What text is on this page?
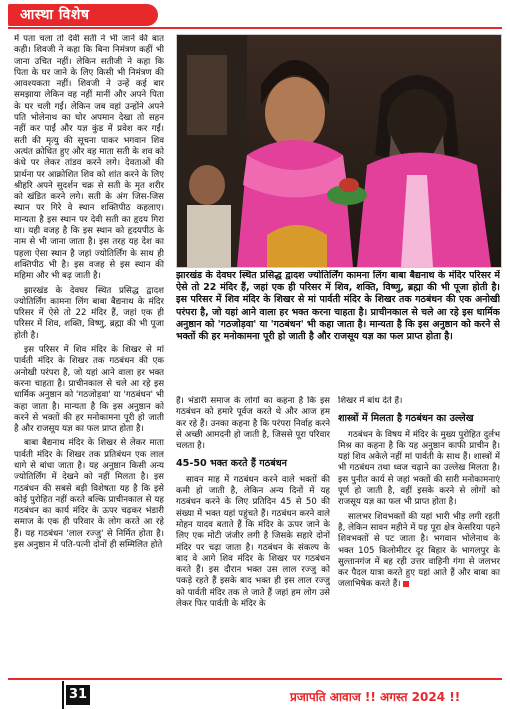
आस्था विशेष

में पता चला तो देवी सती ने भी जाने की बात कही। शिवजी ने कहा कि बिना निमंत्रण कहीं भी जाना उचित नहीं। लेकिन सतीजी ने कहा कि पिता के घर जाने के लिए किसी भी निमंत्रण की आवश्यकता नहीं। शिवजी ने उन्हें कई बार समझाया लेकिन वह नहीं मानीं और अपने पिता के घर चली गईं। लेकिन जब वहां उन्होंने अपने पति भोलेनाथ का घोर अपमान देखा तो सहन नहीं कर पाईं और यज्ञ कुंड में प्रवेश कर गईं। सती की मृत्यु की सूचना पाकर भगवान शिव अत्यंत क्रोधित हुए और वह माता सती के शव को कंधे पर लेकर तांडव करने लगे। देवताओं की प्रार्थना पर आक्रोशित शिव को शांत करने के लिए श्रीहरि अपने सुदर्शन चक्र से सती के मृत शरीर को खंडित करने लगे। सती के अंग जिस-जिस स्थान पर गिरे वे स्थान शक्तिपीठ कहलाए। मान्यता है इस स्थान पर देवी सती का हृदय गिरा था। यही वजह है कि इस स्थान को हृदयपीठ के नाम से भी जाना जाता है। इस तरह यह देश का पहला ऐसा स्थान है जहां ज्योतिर्लिंग के साथ ही शक्तिपीठ भी है। इस वजह से इस स्थान की महिमा और भी बढ़ जाती है।

झारखंड के देवघर स्थित प्रसिद्ध द्वादश ज्योतिर्लिंग कामना लिंग बाबा बैद्यनाथ के मंदिर परिसर में ऐसे तो 22 मंदिर हैं, जहां एक ही परिसर में शिव, शक्ति, विष्णु, ब्रह्मा की भी पूजा होती है।

इस परिसर में शिव मंदिर के शिखर से मां पार्वती मंदिर के शिखर तक गठबंधन की एक अनोखी परंपरा है, जो यहां आने वाला हर भक्त करना चाहता है। प्राचीनकाल से चले आ रहे इस धार्मिक अनुष्ठान को 'गठजोड़वा' या 'गठबंधन' भी कहा जाता है। मान्यता है कि इस अनुष्ठान को करने से भक्तों की हर मनोकामना पूरी हो जाती है और राजसूय यज्ञ का फल प्राप्त होता है।

बाबा बैद्यनाथ मंदिर के शिखर से लेकर माता पार्वती मंदिर के शिखर तक प्रतिबंधन एक लाल धागे से बांधा जाता है। यह अनुष्ठान किसी अन्य ज्योतिर्लिंग में देखने को नहीं मिलता है। इस गठबंधन की सबसे बड़ी विशेषता यह है कि इसे कोई पुरोहित नहीं करते बल्कि प्राचीनकाल से यह गठबंधन का कार्य मंदिर के ऊपर चढ़कर भंडारी समाज के एक ही परिवार के लोग करते आ रहे हैं। यह गठबंधन 'लाल रज्जु' से निर्मित होता है। इस अनुष्ठान में पति-पत्नी दोनों ही सम्मिलित होते

झारखंड के देवघर स्थित प्रसिद्ध द्वादश ज्योतिर्लिंग कामना लिंग बाबा बैद्यनाथ के मंदिर परिसर में ऐसे तो 22 मंदिर हैं, जहां एक ही परिसर में शिव, शक्ति, विष्णु, ब्रह्मा की भी पूजा होती है। इस परिसर में शिव मंदिर के शिखर से मां पार्वती मंदिर के शिखर तक गठबंधन की एक अनोखी परंपरा है, जो यहां आने वाला हर भक्त करना चाहता है। प्राचीनकाल से चले आ रहे इस धार्मिक अनुष्ठान को 'गठजोड़वा' या 'गठबंधन' भी कहा जाता है। मान्यता है कि इस अनुष्ठान को करने से भक्तों की हर मनोकामना पूरी हो जाती है और राजसूय यज्ञ का फल प्राप्त होता है।

हैं। भंडारी समाज के लोगों का कहना है कि इस गठबंधन को हमारे पूर्वज करते थे और आज हम कर रहे हैं। उनका कहना है कि परंपरा निर्वाह करने से अच्छी आमदनी हो जाती है, जिससे पूरा परिवार चलता है।

45-50 भक्त करते हैं गठबंधन

सावन माह में गठबंधन करने वाले भक्तों की कमी हो जाती है, लेकिन अन्य दिनों में यह गठबंधन करने के लिए प्रतिदिन 45 से 50 की संख्या में भक्त यहां पहुंचते हैं। गठबंधन करने वाले मोहन यादव बताते हैं कि मंदिर के ऊपर जाने के लिए एक मोटी जंजीर लगी है जिसके सहारे दोनों मंदिर पर चढ़ा जाता है। गठबंधन के संकल्प के बाद वे आगे शिव मंदिर के शिखर पर गठबंधन करते हैं। इस दौरान भक्त उस लाल रज्जु को पकड़े रहते हैं इसके बाद भक्त ही इस लाल रज्जु को पार्वती मंदिर तक ले जाते हैं जहां हम लोग उसे लेकर फिर पार्वती के मंदिर के

शिखर में बांध देते हैं।

शास्त्रों में मिलता है गठबंधन का उल्लेख

गठबंधन के विषय में मंदिर के मुख्य पुरोहित दुर्लभ मिश्र का कहना है कि यह अनुष्ठान काफी प्राचीन है। यहां शिव अकेले नहीं मां पार्वती के साथ हैं। शास्त्रों में भी गठबंधन तथा ध्वज चढ़ाने का उल्लेख मिलता है। इस पुनीत कार्य से जहां भक्तों की सारी मनोकामनाएं पूर्ण हो जाती है, वहीं इसके करने से लोगों को राजसूय यज्ञ का फल भी प्राप्त होता है।

सालभर शिवभक्तों की यहां भारी भीड़ लगी रहती है, लेकिन सावन महीने में यह पूरा क्षेत्र केसरिया पहने शिवभक्तों से पट जाता है। भगवान भोलेनाथ के भक्त 105 किलोमीटर दूर बिहार के भागलपुर के सुल्तानगंज में बह रही उत्तर वाहिनी गंगा से जलभर कर पैदल यात्रा करते हुए यहां आते हैं और बाबा का जलाभिषेक करते हैं।

31	प्रजापति आवाज !! अगस्त 2024 !!
